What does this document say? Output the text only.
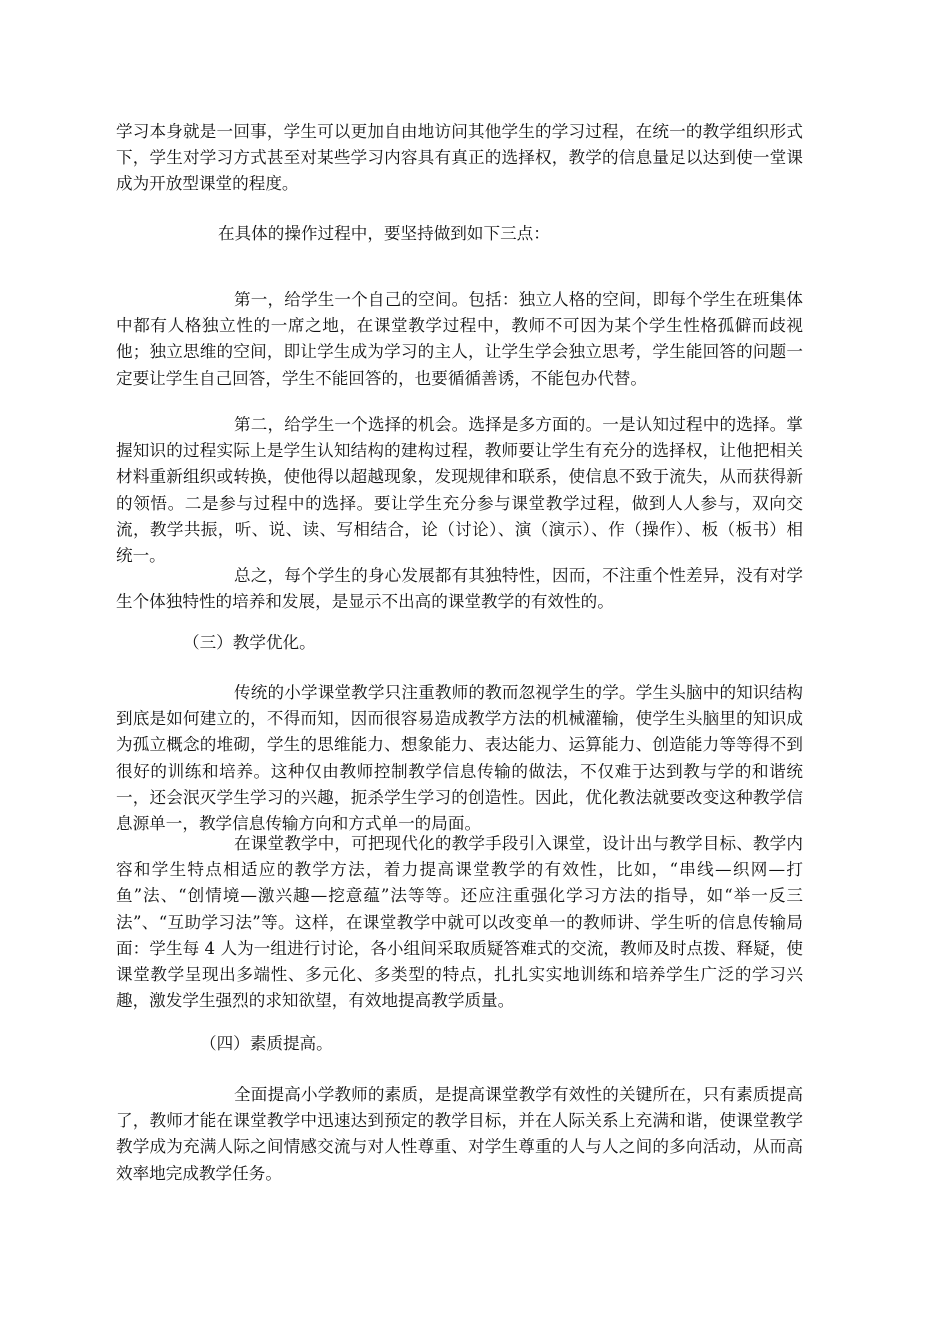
学习本身就是一回事，学生可以更加自由地访问其他学生的学习过程，在统一的教学组织形式下，学生对学习方式甚至对某些学习内容具有真正的选择权，教学的信息量足以达到使一堂课成为开放型课堂的程度。

在具体的操作过程中，要坚持做到如下三点：

第一，给学生一个自己的空间。包括：独立人格的空间，即每个学生在班集体中都有人格独立性的一席之地，在课堂教学过程中，教师不可因为某个学生性格孤僻而歧视他；独立思维的空间，即让学生成为学习的主人，让学生学会独立思考，学生能回答的问题一定要让学生自己回答，学生不能回答的，也要循循善诱，不能包办代替。

第二，给学生一个选择的机会。选择是多方面的。一是认知过程中的选择。掌握知识的过程实际上是学生认知结构的建构过程，教师要让学生有充分的选择权，让他把相关材料重新组织或转换，使他得以超越现象，发现规律和联系，使信息不致于流失，从而获得新的领悟。二是参与过程中的选择。要让学生充分参与课堂教学过程，做到人人参与，双向交流，教学共振，听、说、读、写相结合，论（讨论）、演（演示）、作（操作）、板（板书）相统一。

总之，每个学生的身心发展都有其独特性，因而，不注重个性差异，没有对学生个体独特性的培养和发展，是显示不出高的课堂教学的有效性的。

（三）教学优化。

传统的小学课堂教学只注重教师的教而忽视学生的学。学生头脑中的知识结构到底是如何建立的，不得而知，因而很容易造成教学方法的机械灌输，使学生头脑里的知识成为孤立概念的堆砌，学生的思维能力、想象能力、表达能力、运算能力、创造能力等等得不到很好的训练和培养。这种仅由教师控制教学信息传输的做法，不仅难于达到教与学的和谐统一，还会泯灭学生学习的兴趣，扼杀学生学习的创造性。因此，优化教法就要改变这种教学信息源单一，教学信息传输方向和方式单一的局面。

在课堂教学中，可把现代化的教学手段引入课堂，设计出与教学目标、教学内容和学生特点相适应的教学方法，着力提高课堂教学的有效性，比如，“串线—织网—打鱼”法、“创情境—激兴趣—挖意蕴”法等等。还应注重强化学习方法的指导，如“举一反三法”、“互助学习法”等。这样，在课堂教学中就可以改变单一的教师讲、学生听的信息传输局面：学生每 4 人为一组进行讨论，各小组间采取质疑答难式的交流，教师及时点拨、释疑，使课堂教学呈现出多端性、多元化、多类型的特点，扎扎实实地训练和培养学生广泛的学习兴趣，激发学生强烈的求知欲望，有效地提高教学质量。

（四）素质提高。

全面提高小学教师的素质，是提高课堂教学有效性的关键所在，只有素质提高了，教师才能在课堂教学中迅速达到预定的教学目标，并在人际关系上充满和谐，使课堂教学教学成为充满人际之间情感交流与对人性尊重、对学生尊重的人与人之间的多向活动，从而高效率地完成教学任务。
